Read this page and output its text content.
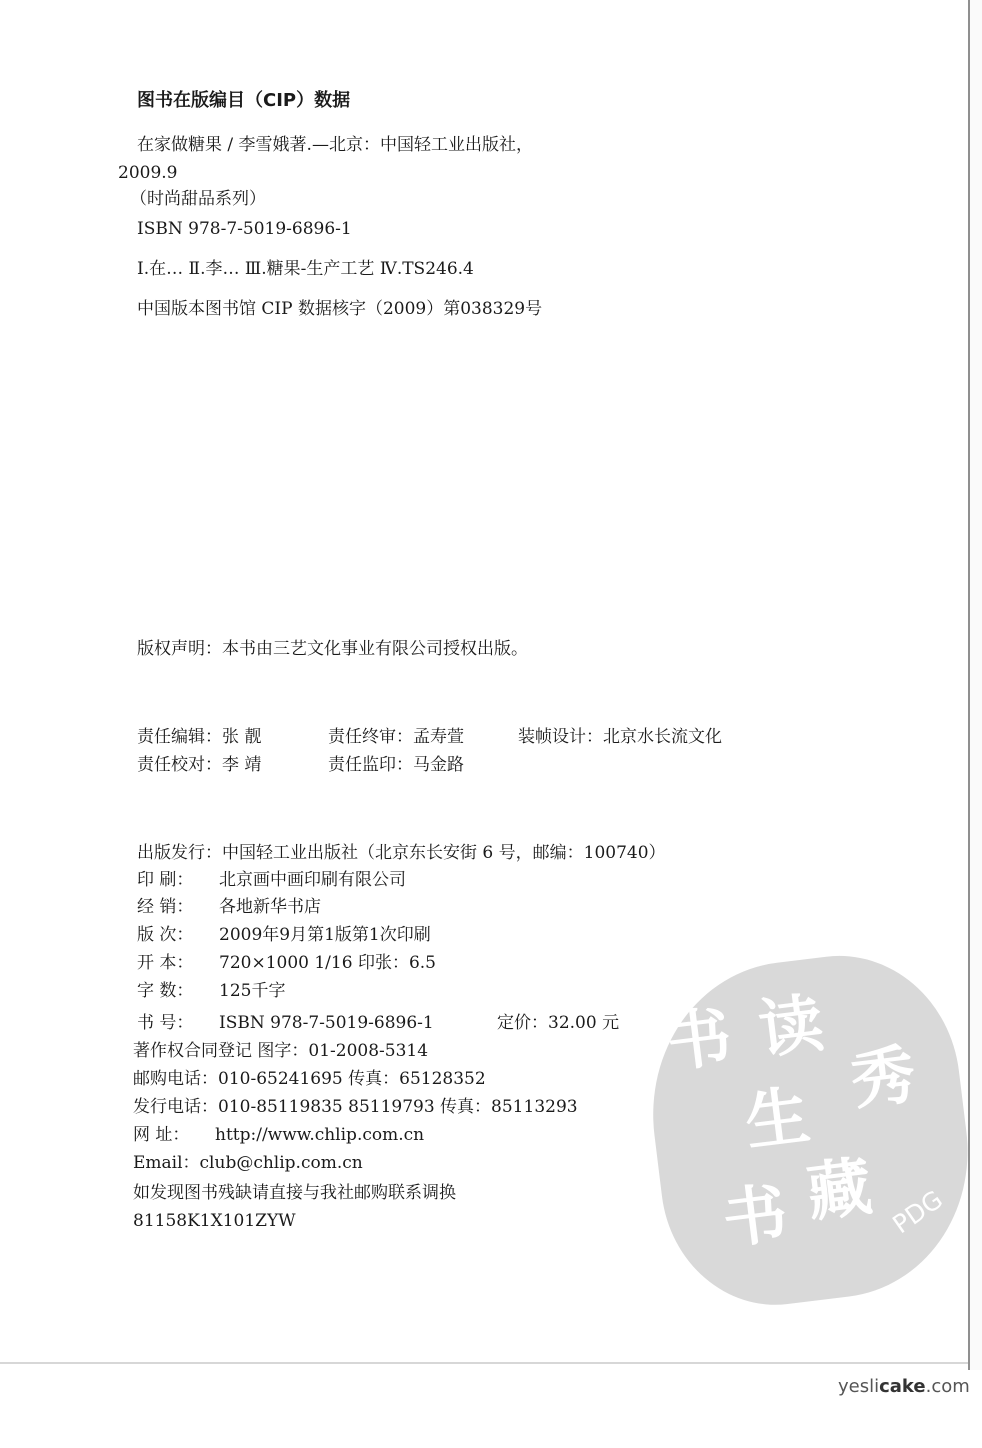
图书在版编目（CIP）数据
在家做糖果 / 李雪娥著.—北京：中国轻工业出版社，
2009.9
（时尚甜品系列）
ISBN 978-7-5019-6896-1
Ⅰ.在… Ⅱ.李… Ⅲ.糖果-生产工艺 Ⅳ.TS246.4
中国版本图书馆 CIP 数据核字（2009）第038329号
版权声明：本书由三艺文化事业有限公司授权出版。
责任编辑：张 靓	责任终审：孟寿萱	装帧设计：北京水长流文化
责任校对：李 靖	责任监印：马金路
出版发行：中国轻工业出版社（北京东长安街 6 号，邮编：100740）
印 刷： 北京画中画印刷有限公司
经 销： 各地新华书店
版 次： 2009年9月第1版第1次印刷
开 本： 720×1000 1/16 印张：6.5
字 数： 125千字
书 号： ISBN 978-7-5019-6896-1	定价：32.00 元
著作权合同登记 图字：01-2008-5314
邮购电话：010-65241695 传真：65128352
发行电话：010-85119835 85119793 传真：85113293
网 址： http://www.chlip.com.cn
Email：club@chlip.com.cn
如发现图书残缺请直接与我社邮购联系调换
81158K1X101ZYW
书
生
读
秀
藏
书	PDG
yeslicake.com
